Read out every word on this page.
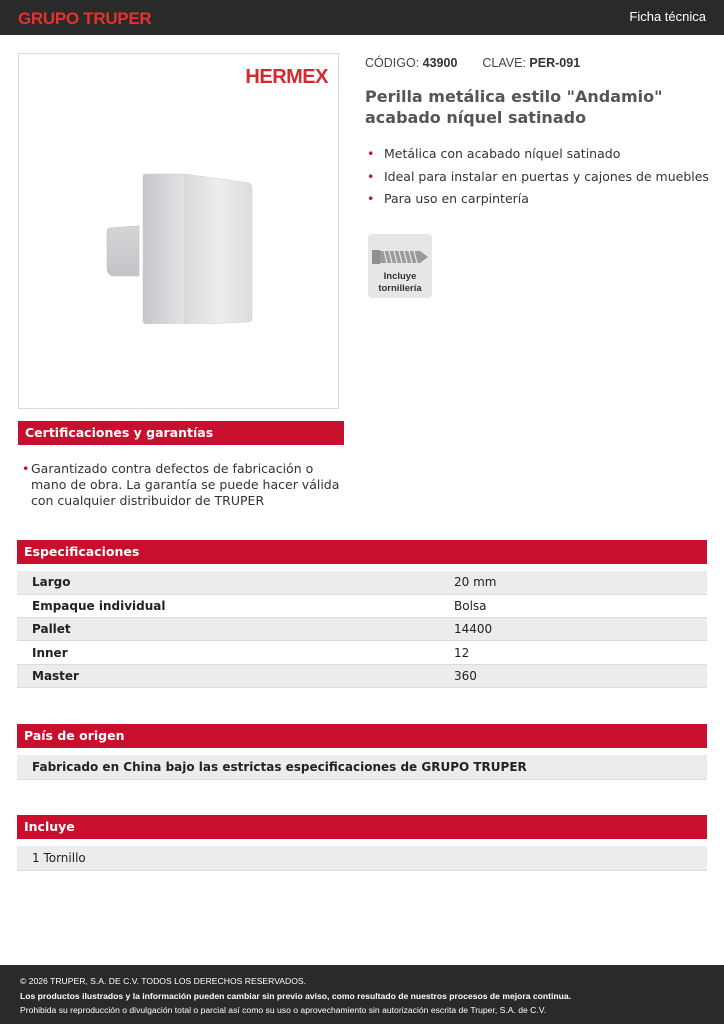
GRUPO TRUPER	Ficha técnica
HERMEX
CÓDIGO: 43900 CLAVE: PER-091
Perilla metálica estilo "Andamio" acabado níquel satinado
• Metálica con acabado níquel satinado
• Ideal para instalar en puertas y cajones de muebles
• Para uso en carpintería
Incluye
tornillería
Certificaciones y garantías

• Garantizado contra defectos de fabricación o mano de obra. La garantía se puede hacer válida con cualquier distribuidor de TRUPER

Especificaciones
Largo	20 mm
Empaque individual	Bolsa
Pallet	14400
Inner	12
Master	360
País de origen
Fabricado en China bajo las estrictas especificaciones de GRUPO TRUPER
Incluye
1 Tornillo
© 2026 TRUPER, S.A. DE C.V. TODOS LOS DERECHOS RESERVADOS.
Los productos ilustrados y la información pueden cambiar sin previo aviso, como resultado de nuestros procesos de mejora continua.
Prohibida su reproducción o divulgación total o parcial así como su uso o aprovechamiento sin autorización escrita de Truper, S.A. de C.V.
